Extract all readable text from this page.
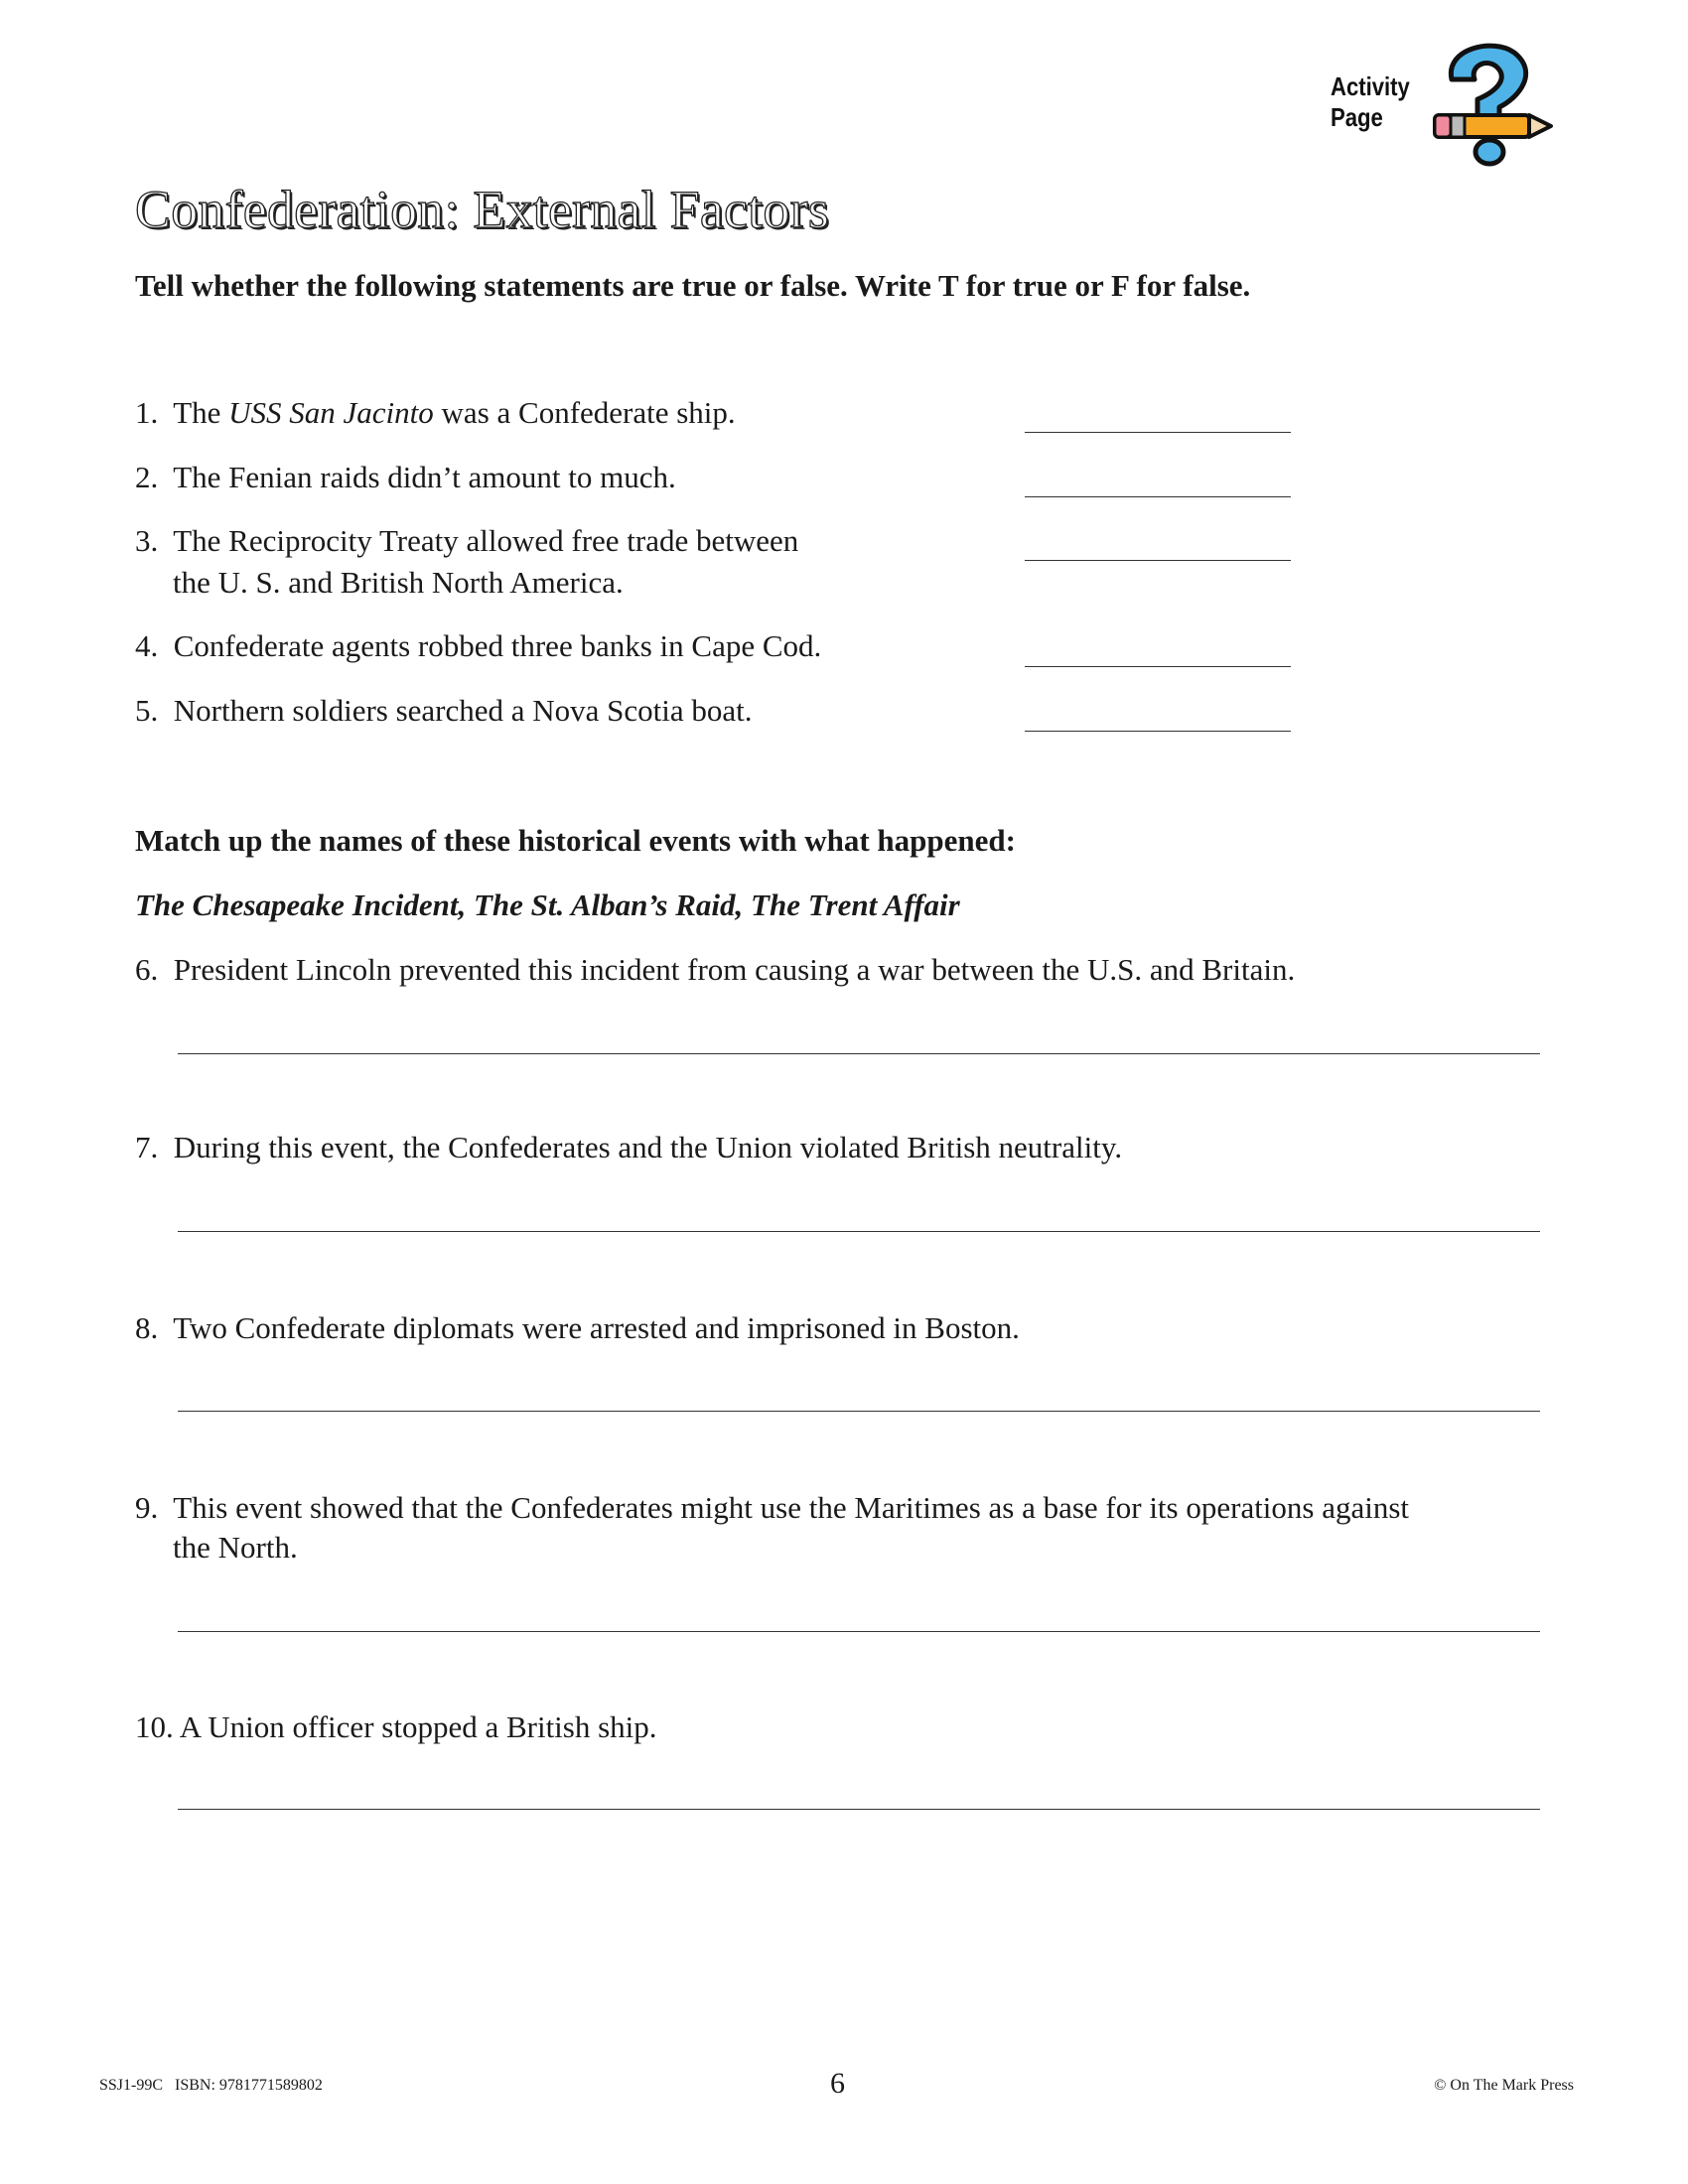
Activity
Page
Confederation: External Factors
Tell whether the following statements are true or false. Write T for true or F for false.
1. The USS San Jacinto was a Confederate ship.
2. The Fenian raids didn’t amount to much.
3. The Reciprocity Treaty allowed free trade between
the U. S. and British North America.
4. Confederate agents robbed three banks in Cape Cod.
5. Northern soldiers searched a Nova Scotia boat.
Match up the names of these historical events with what happened:
The Chesapeake Incident, The St. Alban’s Raid, The Trent Affair
6. President Lincoln prevented this incident from causing a war between the U.S. and Britain.
7. During this event, the Confederates and the Union violated British neutrality.
8. Two Confederate diplomats were arrested and imprisoned in Boston.
9. This event showed that the Confederates might use the Maritimes as a base for its operations against
the North.
10. A Union officer stopped a British ship.
SSJ1-99C ISBN: 9781771589802	6	© On The Mark Press
